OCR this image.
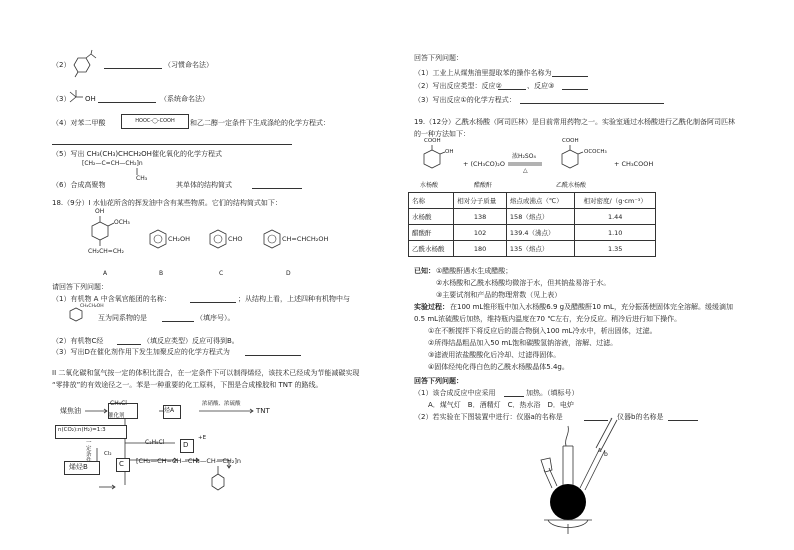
（2）	（习惯命名法）
（3） OH	（系统命名法）
（4）对苯二甲酸	HOOC-◯-COOH	和乙二醇一定条件下生成涤纶的化学方程式：
（5）写出 CH₃(CH₃)CHCH₂OH催化氧化的化学方程式
[CH₂—C=CH—CH₂]n
CH₃
（6）合成高聚物	其单体的结构简式
18.（9分）I 水仙花所含的挥发油中含有某些物质。它们的结构简式如下：
OH
OCH₃
CH₂CH=CH₂
CH₂OH	CHO	CH=CHCH₂OH
A	B	C	D
请回答下列问题：
（1）有机物 A 中含氧官能团的名称：	；从结构上看，上述四种有机物中与
CH₂CH₂OH
互为同系物的是	（填序号）。
（2）有机物C经	（填反应类型）反应可得到B。
（3）写出D在催化剂作用下发生加聚反应的化学方程式为
II 二氧化碳和氢气按一定的体积比混合，在一定条件下可以制得烯烃，该技术已经成为节能减碳实现
“零排放”的有效途径之一。苯是一种重要的化工原料，下图是合成橡胶和 TNT 的路线。
煤焦油
CH₃Cl
催化剂
烃A
浓硝酸、浓硫酸
TNT
n(CO₂):n(H₂)=1:3
一定条
烯烃B
Cl₂
C
C₂H₅Cl	D
+E
[CH₂—CH=CH—CH₂—CH—CH₂]n
回答下列问题：
（1）工业上从煤焦油里提取苯的操作名称为
（2）写出反应类型：反应②	、反应③
（3）写出反应①的化学方程式：
19.（12分）乙酰水杨酸（阿司匹林）是目前常用药物之一。实验室通过水杨酸进行乙酰化制备阿司匹林
的一种方法如下：
COOH
OH
水杨酸
+ (CH₃CO)₂O
醋酸酐
浓H₂SO₄
△
COOH
OCOCH₃
乙酰水杨酸
+ CH₃COOH
名称	相对分子质量	熔点或沸点（℃）	相对密度/（g·cm⁻³）
水杨酸	138	158（熔点）	1.44
醋酸酐	102	139.4（沸点）	1.10
乙酰水杨酸	180	135（熔点）	1.35
已知： ①醋酸酐遇水生成醋酸；
②水杨酸和乙酰水杨酸均微溶于水，但其钠盐易溶于水。
③主要试剂和产品的物理常数（见上表）
实验过程： 在100 mL锥形瓶中加入水杨酸6.9 g及醋酸酐10 mL，充分振荡使固体完全溶解。缓缓滴加
0.5 mL浓硫酸后加热，维持瓶内温度在70 ℃左右，充分反应。稍冷后进行如下操作。
①在不断搅拌下将反应后的混合物倒入100 mL冷水中，析出固体，过滤。
②所得结晶粗品加入50 mL饱和碳酸氢钠溶液，溶解、过滤。
③滤液用浓盐酸酸化后冷却、过滤得固体。
④固体经纯化得白色的乙酰水杨酸晶体5.4g。
回答下列问题：
（1）该合成反应中应采用	加热。（填标号）
A．煤气灯　B．酒精灯　C．热水浴　D．电炉
（2）若实验在下图装置中进行：仪器a的名称是	，仪器b的名称是
a
b
